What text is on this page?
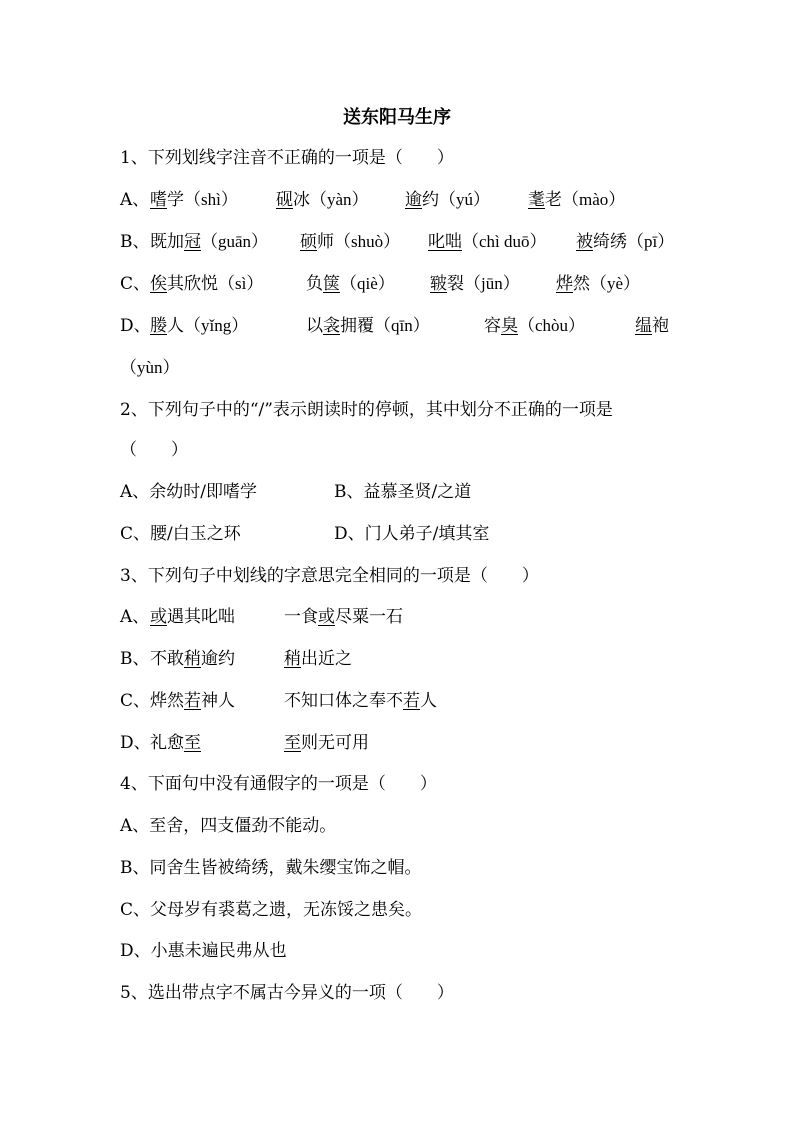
送东阳马生序
1、下列划线字注音不正确的一项是（　　）
A、 嗜学（shì） 砚冰（yàn） 逾约（yú） 耄老（mào）
B、 既加冠（guān） 硕师（shuò） 叱咄（chì duō） 被绮绣（pī）
C、 俟其欣悦（sì）	负箧（qiè） 皲裂（jūn） 烨然（yè）
D、 媵人（yǐng）	以衾拥覆（qīn）	容臭（chòu）	缊袍
（yùn）
2、下列句子中的“/”表示朗读时的停顿，其中划分不正确的一项是
（　　）
A、余幼时/即嗜学	B、益慕圣贤/之道
C、腰/白玉之环	D、门人弟子/填其室
3、下列句子中划线的字意思完全相同的一项是（　　）
A、 或遇其叱咄	一食或尽粟一石
B、 不敢稍逾约	稍出近之
C、 烨然若神人	不知口体之奉不若人
D、 礼愈至	至则无可用
4、下面句中没有通假字的一项是（　　）
A、至舍，四支僵劲不能动。
B、同舍生皆被绮绣，戴朱缨宝饰之帽。
C、父母岁有裘葛之遗，无冻馁之患矣。
D、小惠未遍民弗从也
5、选出带点字不属古今异义的一项（　　）
